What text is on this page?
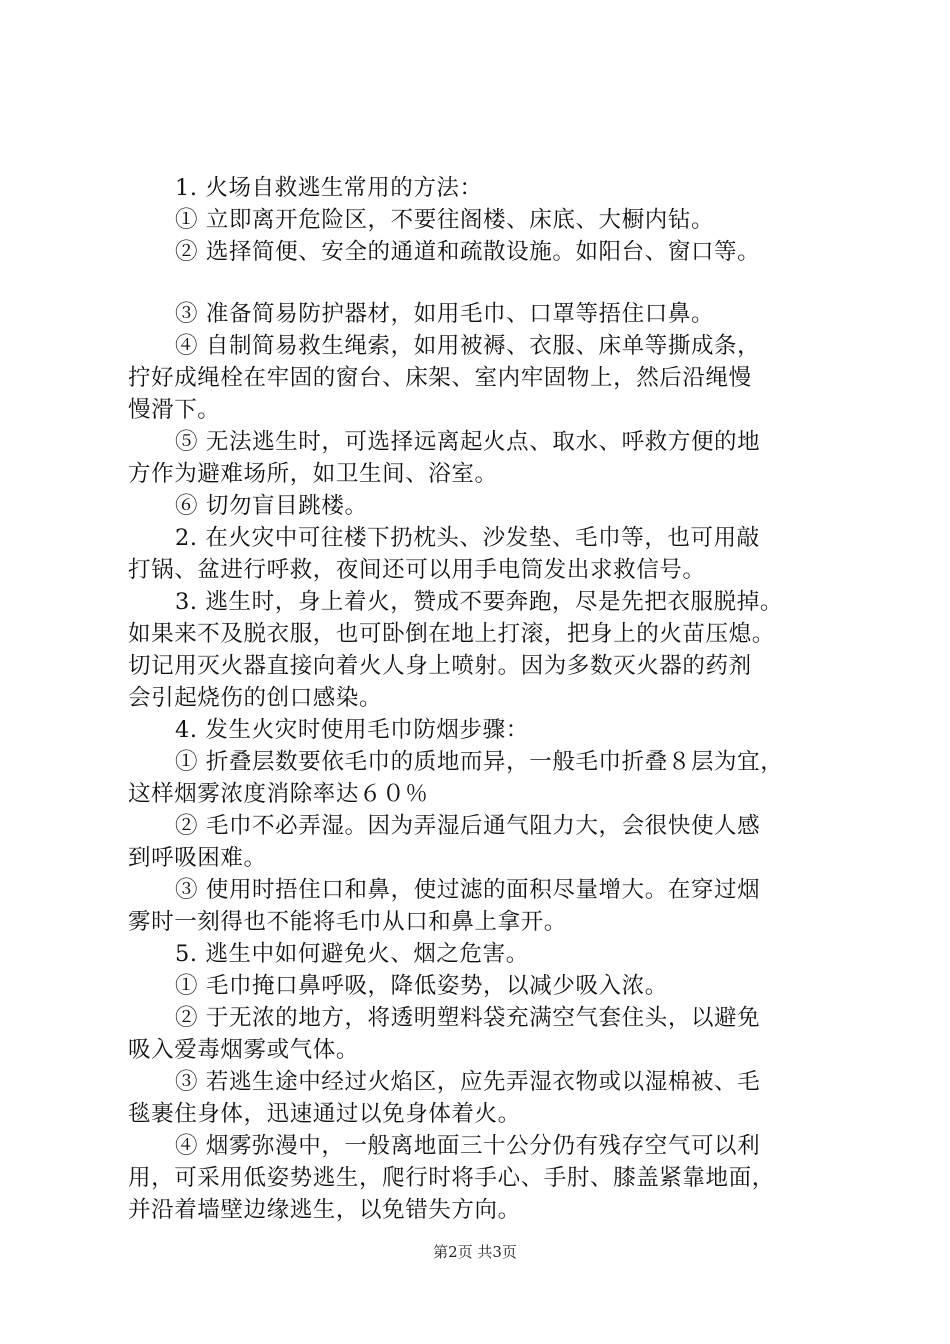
1. 火场自救逃生常用的方法：
① 立即离开危险区，不要往阁楼、床底、大橱内钻。
② 选择简便、安全的通道和疏散设施。如阳台、窗口等。
③ 准备简易防护器材，如用毛巾、口罩等捂住口鼻。
④ 自制简易救生绳索，如用被褥、衣服、床单等撕成条，
拧好成绳栓在牢固的窗台、床架、室内牢固物上，然后沿绳慢
慢滑下。
⑤ 无法逃生时，可选择远离起火点、取水、呼救方便的地
方作为避难场所，如卫生间、浴室。
⑥ 切勿盲目跳楼。
2. 在火灾中可往楼下扔枕头、沙发垫、毛巾等，也可用敲
打锅、盆进行呼救，夜间还可以用手电筒发出求救信号。
3. 逃生时，身上着火，赞成不要奔跑，尽是先把衣服脱掉。
如果来不及脱衣服，也可卧倒在地上打滚，把身上的火苗压熄。
切记用灭火器直接向着火人身上喷射。因为多数灭火器的药剂
会引起烧伤的创口感染。
4. 发生火灾时使用毛巾防烟步骤：
① 折叠层数要依毛巾的质地而异，一般毛巾折叠８层为宜，
这样烟雾浓度消除率达６０％
② 毛巾不必弄湿。因为弄湿后通气阻力大，会很快使人感
到呼吸困难。
③ 使用时捂住口和鼻，使过滤的面积尽量增大。在穿过烟
雾时一刻得也不能将毛巾从口和鼻上拿开。
5. 逃生中如何避免火、烟之危害。
① 毛巾掩口鼻呼吸，降低姿势，以减少吸入浓。
② 于无浓的地方，将透明塑料袋充满空气套住头，以避免
吸入爱毒烟雾或气体。
③ 若逃生途中经过火焰区，应先弄湿衣物或以湿棉被、毛
毯裹住身体，迅速通过以免身体着火。
④ 烟雾弥漫中，一般离地面三十公分仍有残存空气可以利
用，可采用低姿势逃生，爬行时将手心、手肘、膝盖紧靠地面，
并沿着墙壁边缘逃生，以免错失方向。
第2页 共3页
